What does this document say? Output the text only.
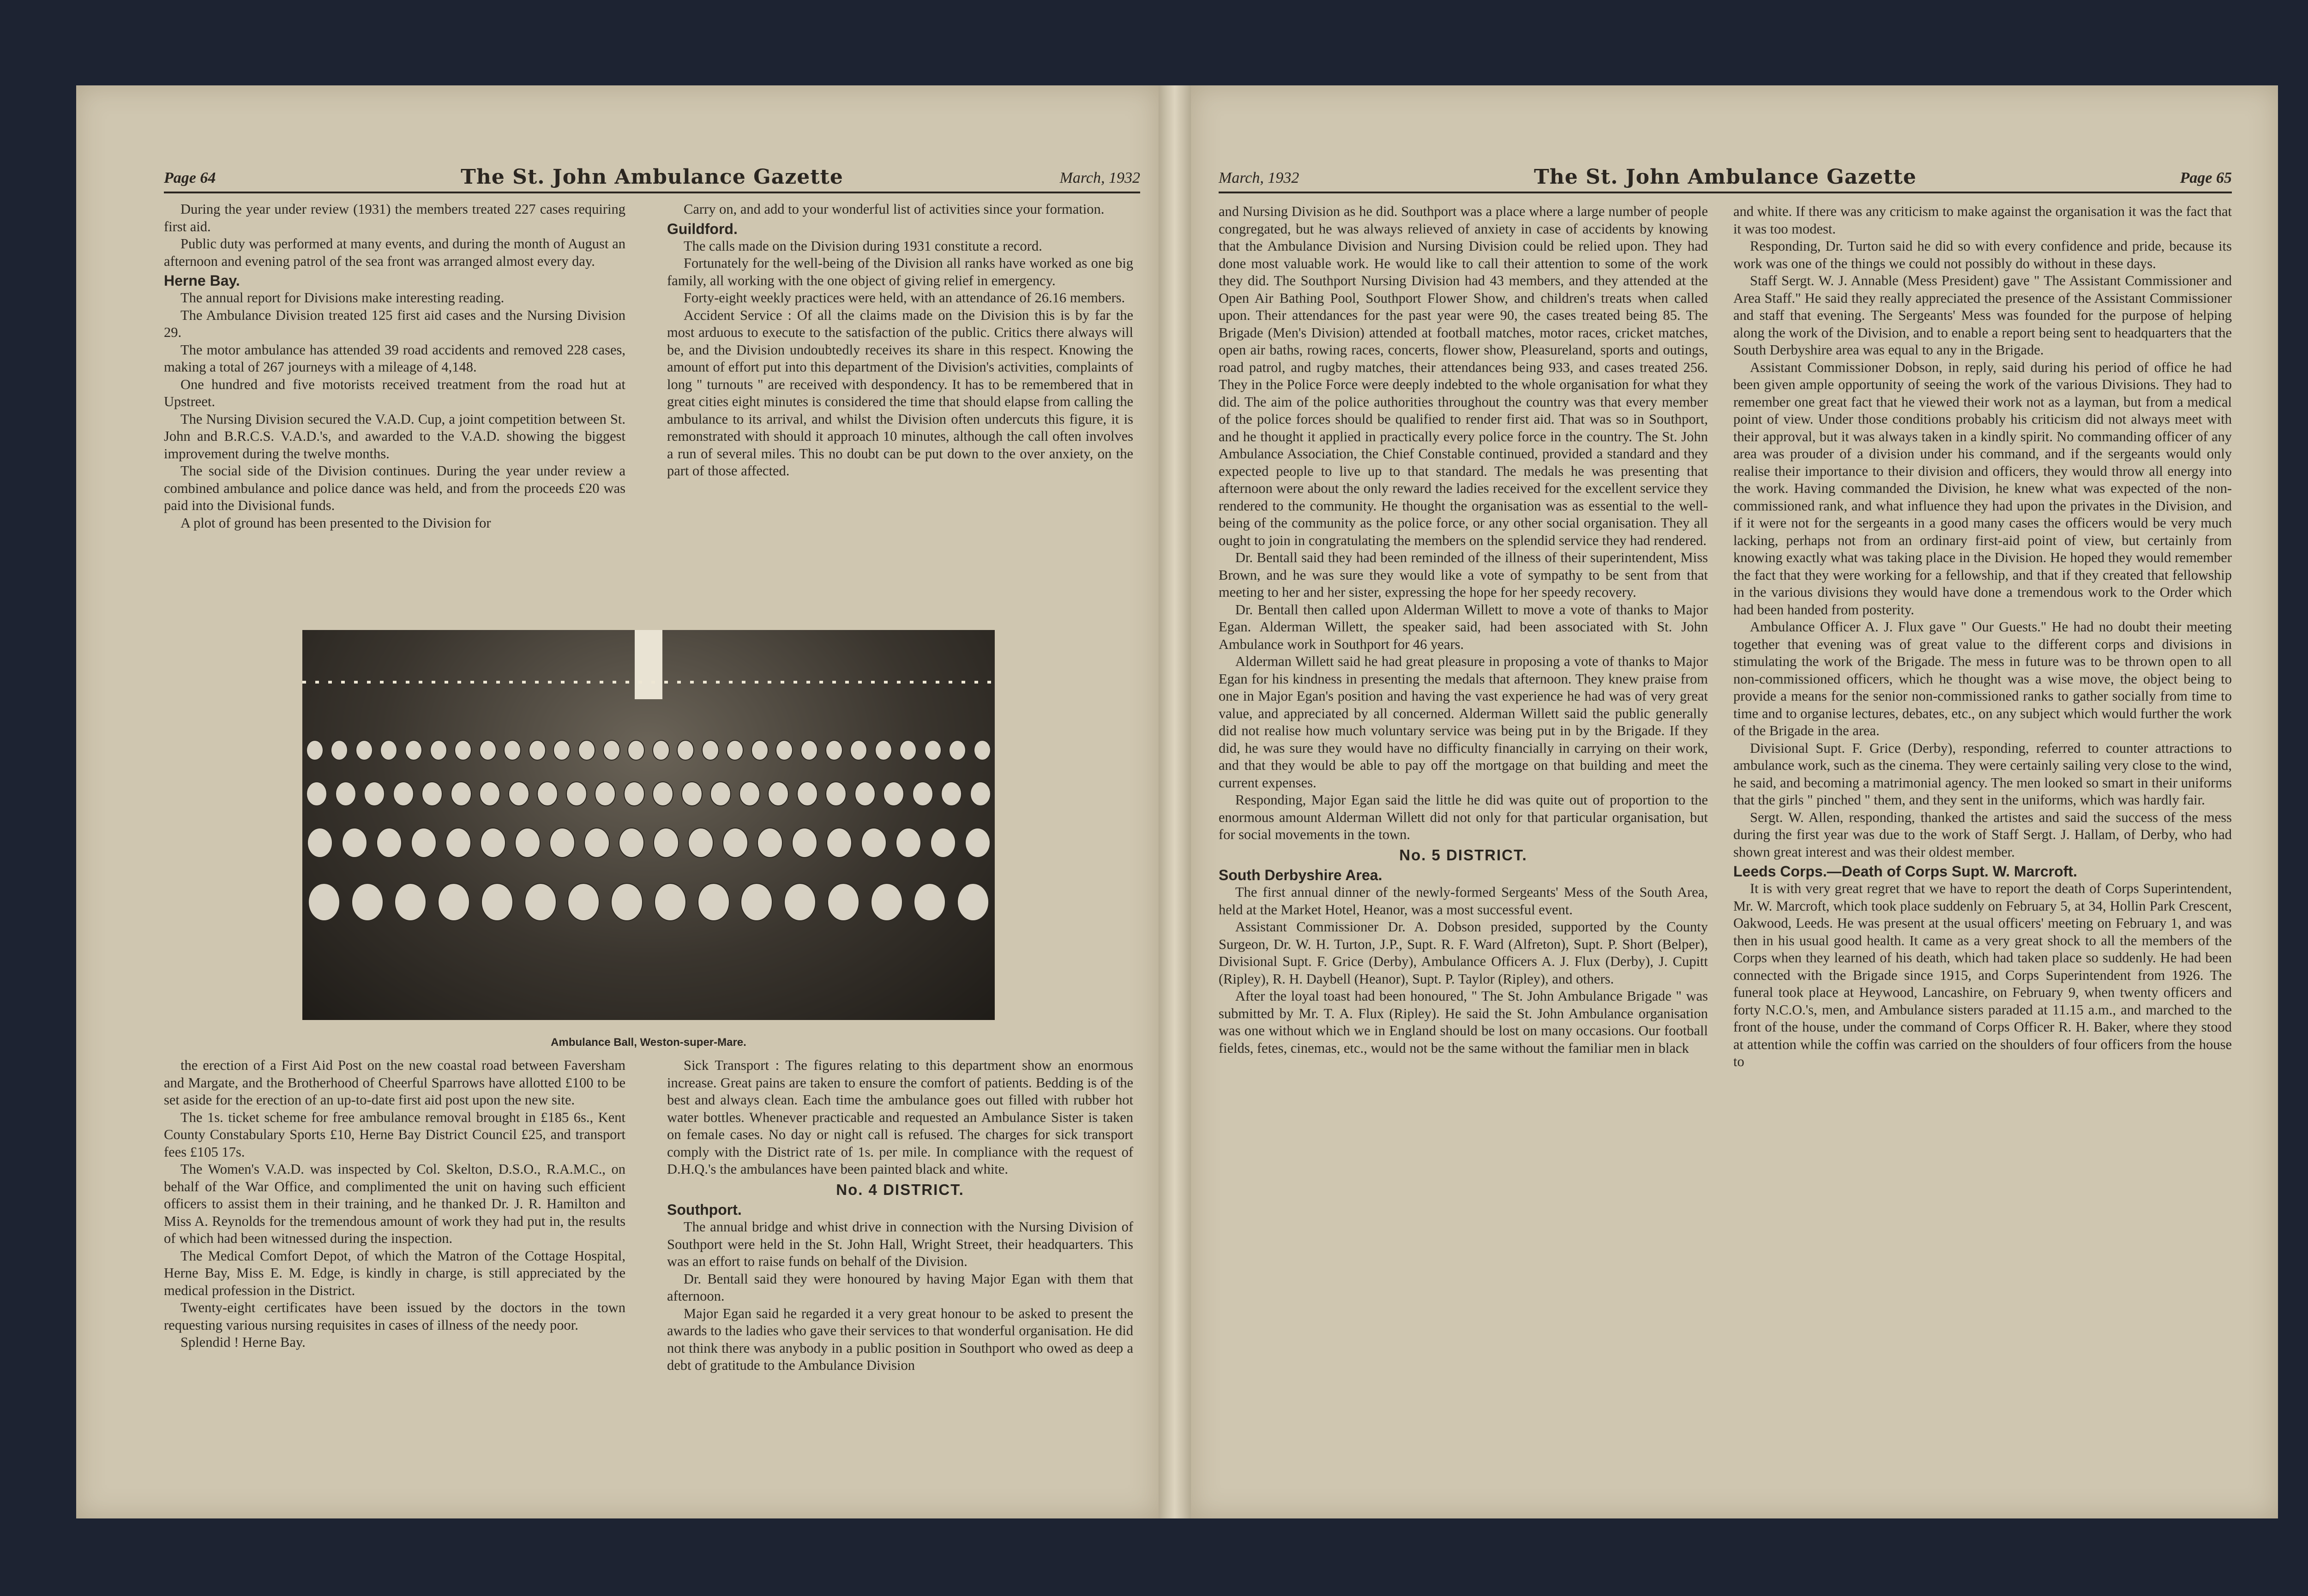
Page 64	The St. John Ambulance Gazette	March, 1932

During the year under review (1931) the members treated 227 cases requiring first aid.

Public duty was performed at many events, and during the month of August an afternoon and evening patrol of the sea front was arranged almost every day.

Herne Bay.

The annual report for Divisions make interesting reading.

The Ambulance Division treated 125 first aid cases and the Nursing Division 29.

The motor ambulance has attended 39 road accidents and removed 228 cases, making a total of 267 journeys with a mileage of 4,148.

One hundred and five motorists received treatment from the road hut at Upstreet.

The Nursing Division secured the V.A.D. Cup, a joint competition between St. John and B.R.C.S. V.A.D.'s, and awarded to the V.A.D. showing the biggest improvement during the twelve months.

The social side of the Division continues. During the year under review a combined ambulance and police dance was held, and from the proceeds £20 was paid into the Divisional funds.

A plot of ground has been presented to the Division for

Carry on, and add to your wonderful list of activities since your formation.

Guildford.

The calls made on the Division during 1931 constitute a record.

Fortunately for the well-being of the Division all ranks have worked as one big family, all working with the one object of giving relief in emergency.

Forty-eight weekly practices were held, with an attendance of 26.16 members.

Accident Service : Of all the claims made on the Division this is by far the most arduous to execute to the satisfaction of the public. Critics there always will be, and the Division undoubtedly receives its share in this respect. Knowing the amount of effort put into this department of the Division's activities, complaints of long " turnouts " are received with despondency. It has to be remembered that in great cities eight minutes is considered the time that should elapse from calling the ambulance to its arrival, and whilst the Division often undercuts this figure, it is remonstrated with should it approach 10 minutes, although the call often involves a run of several miles. This no doubt can be put down to the over anxiety, on the part of those affected.

Ambulance Ball, Weston-super-Mare.

the erection of a First Aid Post on the new coastal road between Faversham and Margate, and the Brotherhood of Cheerful Sparrows have allotted £100 to be set aside for the erection of an up-to-date first aid post upon the new site.

The 1s. ticket scheme for free ambulance removal brought in £185 6s., Kent County Constabulary Sports £10, Herne Bay District Council £25, and transport fees £105 17s.

The Women's V.A.D. was inspected by Col. Skelton, D.S.O., R.A.M.C., on behalf of the War Office, and complimented the unit on having such efficient officers to assist them in their training, and he thanked Dr. J. R. Hamilton and Miss A. Reynolds for the tremendous amount of work they had put in, the results of which had been witnessed during the inspection.

The Medical Comfort Depot, of which the Matron of the Cottage Hospital, Herne Bay, Miss E. M. Edge, is kindly in charge, is still appreciated by the medical profession in the District.

Twenty-eight certificates have been issued by the doctors in the town requesting various nursing requisites in cases of illness of the needy poor.

Splendid ! Herne Bay.

Sick Transport : The figures relating to this department show an enormous increase. Great pains are taken to ensure the comfort of patients. Bedding is of the best and always clean. Each time the ambulance goes out filled with rubber hot water bottles. Whenever practicable and requested an Ambulance Sister is taken on female cases. No day or night call is refused. The charges for sick transport comply with the District rate of 1s. per mile. In compliance with the request of D.H.Q.'s the ambulances have been painted black and white.

No. 4 DISTRICT.
Southport.

The annual bridge and whist drive in connection with the Nursing Division of Southport were held in the St. John Hall, Wright Street, their headquarters. This was an effort to raise funds on behalf of the Division.

Dr. Bentall said they were honoured by having Major Egan with them that afternoon.

Major Egan said he regarded it a very great honour to be asked to present the awards to the ladies who gave their services to that wonderful organisation. He did not think there was anybody in a public position in Southport who owed as deep a debt of gratitude to the Ambulance Division

March, 1932	The St. John Ambulance Gazette	Page 65

and Nursing Division as he did. Southport was a place where a large number of people congregated, but he was always relieved of anxiety in case of accidents by knowing that the Ambulance Division and Nursing Division could be relied upon. They had done most valuable work. He would like to call their attention to some of the work they did. The Southport Nursing Division had 43 members, and they attended at the Open Air Bathing Pool, Southport Flower Show, and children's treats when called upon. Their attendances for the past year were 90, the cases treated being 85. The Brigade (Men's Division) attended at football matches, motor races, cricket matches, open air baths, rowing races, concerts, flower show, Pleasureland, sports and outings, road patrol, and rugby matches, their attendances being 933, and cases treated 256. They in the Police Force were deeply indebted to the whole organisation for what they did. The aim of the police authorities throughout the country was that every member of the police forces should be qualified to render first aid. That was so in Southport, and he thought it applied in practically every police force in the country. The St. John Ambulance Association, the Chief Constable continued, provided a standard and they expected people to live up to that standard. The medals he was presenting that afternoon were about the only reward the ladies received for the excellent service they rendered to the community. He thought the organisation was as essential to the well-being of the community as the police force, or any other social organisation. They all ought to join in congratulating the members on the splendid service they had rendered.

Dr. Bentall said they had been reminded of the illness of their superintendent, Miss Brown, and he was sure they would like a vote of sympathy to be sent from that meeting to her and her sister, expressing the hope for her speedy recovery.

Dr. Bentall then called upon Alderman Willett to move a vote of thanks to Major Egan. Alderman Willett, the speaker said, had been associated with St. John Ambulance work in Southport for 46 years.

Alderman Willett said he had great pleasure in proposing a vote of thanks to Major Egan for his kindness in presenting the medals that afternoon. They knew praise from one in Major Egan's position and having the vast experience he had was of very great value, and appreciated by all concerned. Alderman Willett said the public generally did not realise how much voluntary service was being put in by the Brigade. If they did, he was sure they would have no difficulty financially in carrying on their work, and that they would be able to pay off the mortgage on that building and meet the current expenses.

Responding, Major Egan said the little he did was quite out of proportion to the enormous amount Alderman Willett did not only for that particular organisation, but for social movements in the town.

No. 5 DISTRICT.
South Derbyshire Area.

The first annual dinner of the newly-formed Sergeants' Mess of the South Area, held at the Market Hotel, Heanor, was a most successful event.

Assistant Commissioner Dr. A. Dobson presided, supported by the County Surgeon, Dr. W. H. Turton, J.P., Supt. R. F. Ward (Alfreton), Supt. P. Short (Belper), Divisional Supt. F. Grice (Derby), Ambulance Officers A. J. Flux (Derby), J. Cupitt (Ripley), R. H. Daybell (Heanor), Supt. P. Taylor (Ripley), and others.

After the loyal toast had been honoured, " The St. John Ambulance Brigade " was submitted by Mr. T. A. Flux (Ripley). He said the St. John Ambulance organisation was one without which we in England should be lost on many occasions. Our football fields, fetes, cinemas, etc., would not be the same without the familiar men in black

and white. If there was any criticism to make against the organisation it was the fact that it was too modest.

Responding, Dr. Turton said he did so with every confidence and pride, because its work was one of the things we could not possibly do without in these days.

Staff Sergt. W. J. Annable (Mess President) gave " The Assistant Commissioner and Area Staff." He said they really appreciated the presence of the Assistant Commissioner and staff that evening. The Sergeants' Mess was founded for the purpose of helping along the work of the Division, and to enable a report being sent to headquarters that the South Derbyshire area was equal to any in the Brigade.

Assistant Commissioner Dobson, in reply, said during his period of office he had been given ample opportunity of seeing the work of the various Divisions. They had to remember one great fact that he viewed their work not as a layman, but from a medical point of view. Under those conditions probably his criticism did not always meet with their approval, but it was always taken in a kindly spirit. No commanding officer of any area was prouder of a division under his command, and if the sergeants would only realise their importance to their division and officers, they would throw all energy into the work. Having commanded the Division, he knew what was expected of the non-commissioned rank, and what influence they had upon the privates in the Division, and if it were not for the sergeants in a good many cases the officers would be very much lacking, perhaps not from an ordinary first-aid point of view, but certainly from knowing exactly what was taking place in the Division. He hoped they would remember the fact that they were working for a fellowship, and that if they created that fellowship in the various divisions they would have done a tremendous work to the Order which had been handed from posterity.

Ambulance Officer A. J. Flux gave " Our Guests." He had no doubt their meeting together that evening was of great value to the different corps and divisions in stimulating the work of the Brigade. The mess in future was to be thrown open to all non-commissioned officers, which he thought was a wise move, the object being to provide a means for the senior non-commissioned ranks to gather socially from time to time and to organise lectures, debates, etc., on any subject which would further the work of the Brigade in the area.

Divisional Supt. F. Grice (Derby), responding, referred to counter attractions to ambulance work, such as the cinema. They were certainly sailing very close to the wind, he said, and becoming a matrimonial agency. The men looked so smart in their uniforms that the girls " pinched " them, and they sent in the uniforms, which was hardly fair.

Sergt. W. Allen, responding, thanked the artistes and said the success of the mess during the first year was due to the work of Staff Sergt. J. Hallam, of Derby, who had shown great interest and was their oldest member.

Leeds Corps.—Death of Corps Supt. W. Marcroft.

It is with very great regret that we have to report the death of Corps Superintendent, Mr. W. Marcroft, which took place suddenly on February 5, at 34, Hollin Park Crescent, Oakwood, Leeds. He was present at the usual officers' meeting on February 1, and was then in his usual good health. It came as a very great shock to all the members of the Corps when they learned of his death, which had taken place so suddenly. He had been connected with the Brigade since 1915, and Corps Superintendent from 1926. The funeral took place at Heywood, Lancashire, on February 9, when twenty officers and forty N.C.O.'s, men, and Ambulance sisters paraded at 11.15 a.m., and marched to the front of the house, under the command of Corps Officer R. H. Baker, where they stood at attention while the coffin was carried on the shoulders of four officers from the house to
